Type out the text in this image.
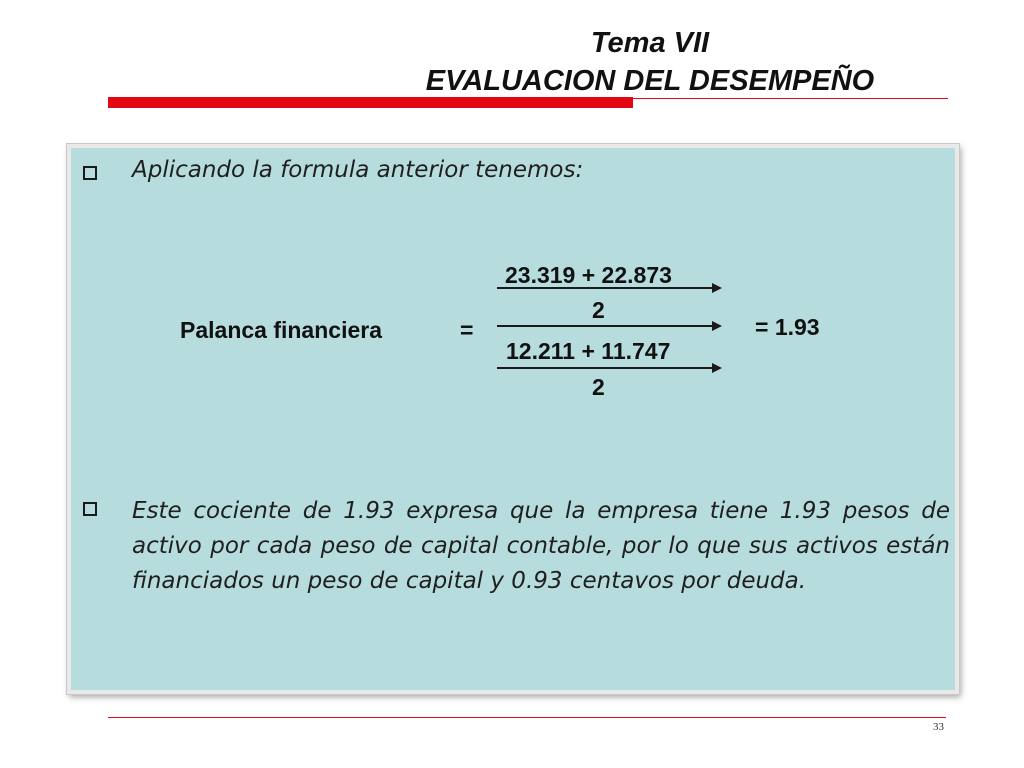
Tema VII
EVALUACION DEL DESEMPEÑO
Aplicando la formula anterior tenemos:
Palanca financiera	=
23.319 + 22.873
2
12.211 + 11.747
2
= 1.93

Este cociente de 1.93 expresa que la empresa tiene 1.93 pesos de activo por cada peso de capital contable, por lo que sus activos están financiados un peso de capital y 0.93 centavos por deuda.

33
